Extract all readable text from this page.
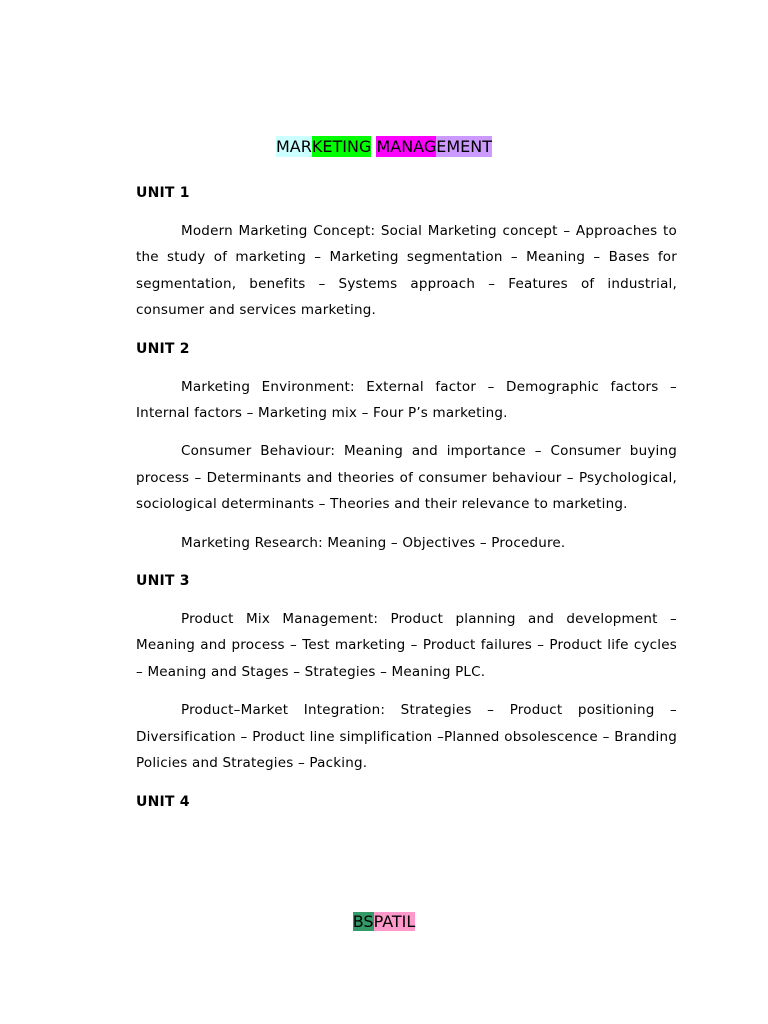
MARKETING MANAGEMENT

UNIT 1

Modern Marketing Concept: Social Marketing concept – Approaches to the study of marketing – Marketing segmentation – Meaning – Bases for segmentation, benefits – Systems approach – Features of industrial, consumer and services marketing.

UNIT 2

Marketing Environment: External factor – Demographic factors – Internal factors – Marketing mix – Four P’s marketing.

Consumer Behaviour: Meaning and importance – Consumer buying process – Determinants and theories of consumer behaviour – Psychological, sociological determinants – Theories and their relevance to marketing.

Marketing Research: Meaning – Objectives – Procedure.

UNIT 3

Product Mix Management: Product planning and development – Meaning and process – Test marketing – Product failures – Product life cycles – Meaning and Stages – Strategies – Meaning PLC.

Product–Market Integration: Strategies – Product positioning – Diversification – Product line simplification –Planned obsolescence – Branding Policies and Strategies – Packing.

UNIT 4

BSPATIL
